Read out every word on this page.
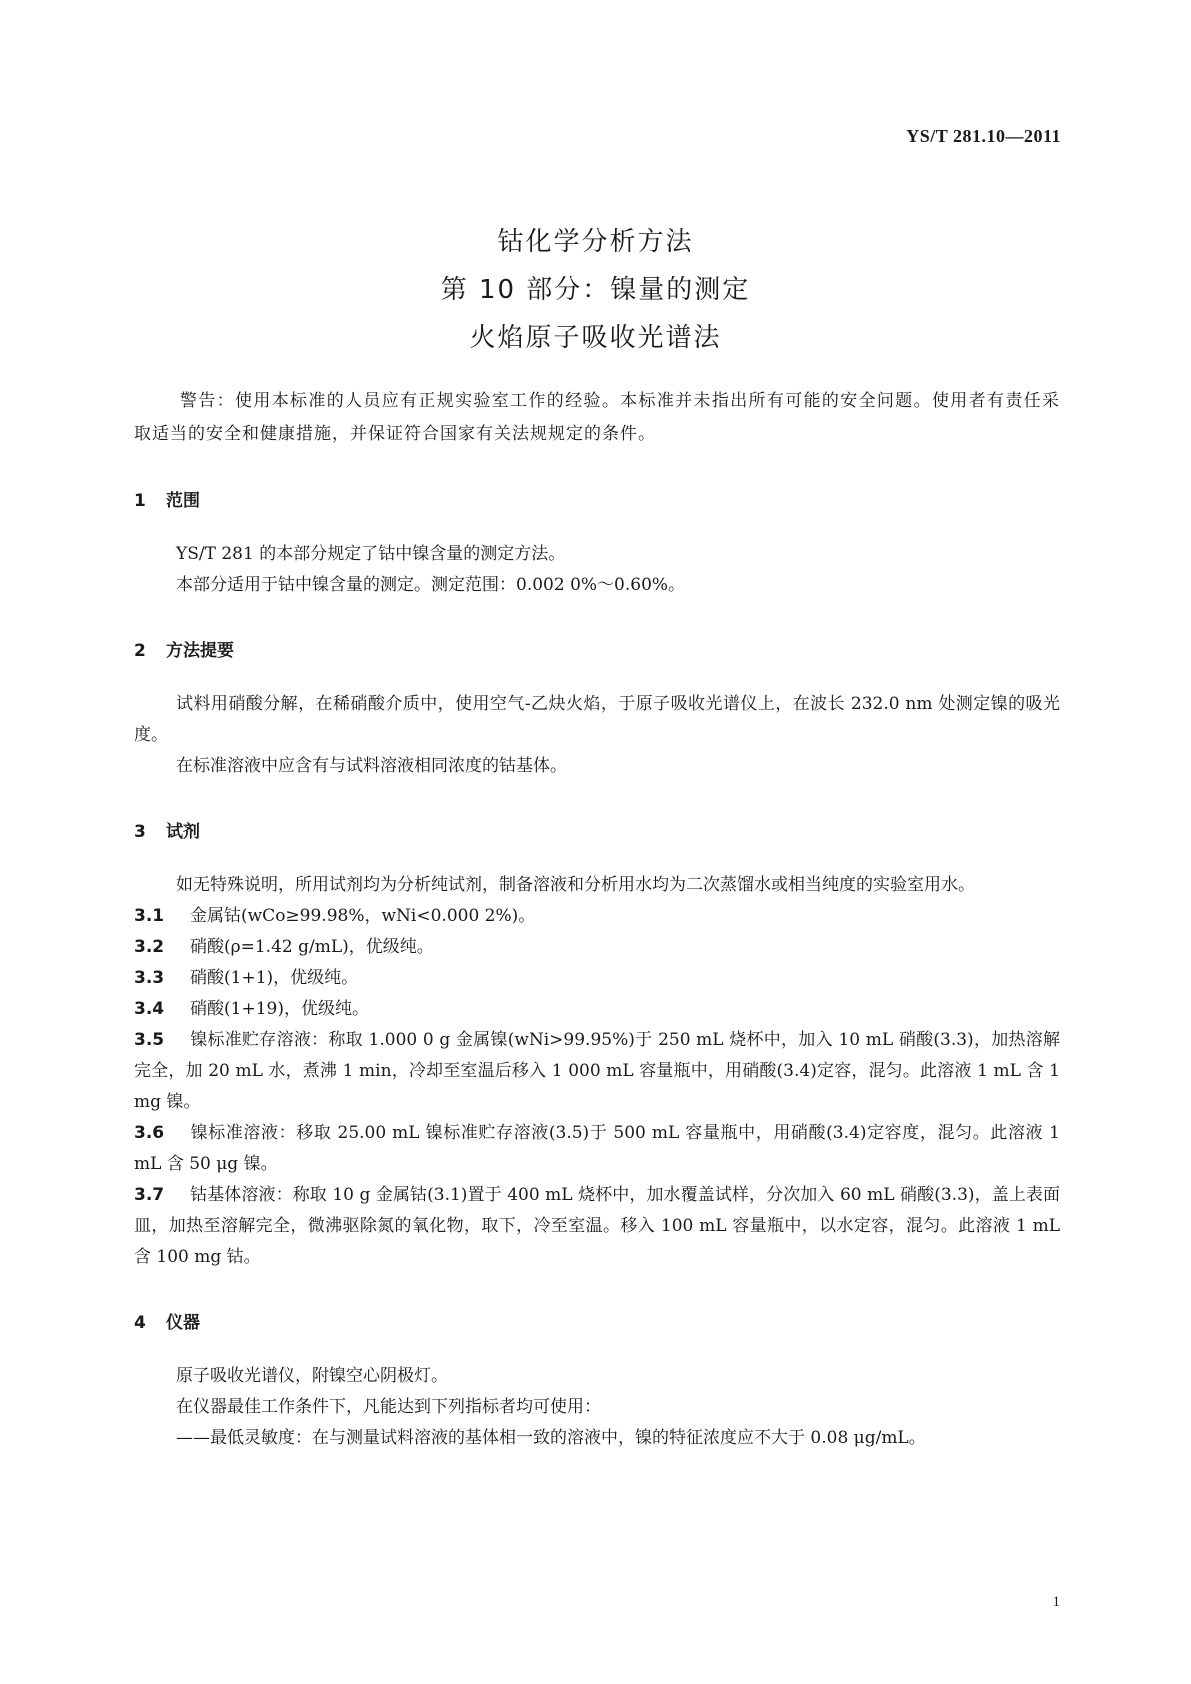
YS/T 281.10—2011
钴化学分析方法
第 10 部分：镍量的测定
火焰原子吸收光谱法

警告：使用本标准的人员应有正规实验室工作的经验。本标准并未指出所有可能的安全问题。使用者有责任采取适当的安全和健康措施，并保证符合国家有关法规规定的条件。

1 范围

YS/T 281 的本部分规定了钴中镍含量的测定方法。

本部分适用于钴中镍含量的测定。测定范围：0.002 0%～0.60%。

2 方法提要

试料用硝酸分解，在稀硝酸介质中，使用空气-乙炔火焰，于原子吸收光谱仪上，在波长 232.0 nm 处测定镍的吸光度。

在标准溶液中应含有与试料溶液相同浓度的钴基体。

3 试剂

如无特殊说明，所用试剂均为分析纯试剂，制备溶液和分析用水均为二次蒸馏水或相当纯度的实验室用水。

3.1 金属钴(wCo≥99.98%，wNi<0.000 2%)。

3.2 硝酸(ρ=1.42 g/mL)，优级纯。

3.3 硝酸(1+1)，优级纯。

3.4 硝酸(1+19)，优级纯。

3.5 镍标准贮存溶液：称取 1.000 0 g 金属镍(wNi>99.95%)于 250 mL 烧杯中，加入 10 mL 硝酸(3.3)，加热溶解完全，加 20 mL 水，煮沸 1 min，冷却至室温后移入 1 000 mL 容量瓶中，用硝酸(3.4)定容，混匀。此溶液 1 mL 含 1 mg 镍。

3.6 镍标准溶液：移取 25.00 mL 镍标准贮存溶液(3.5)于 500 mL 容量瓶中，用硝酸(3.4)定容度，混匀。此溶液 1 mL 含 50 μg 镍。

3.7 钴基体溶液：称取 10 g 金属钴(3.1)置于 400 mL 烧杯中，加水覆盖试样，分次加入 60 mL 硝酸(3.3)，盖上表面皿，加热至溶解完全，微沸驱除氮的氧化物，取下，冷至室温。移入 100 mL 容量瓶中，以水定容，混匀。此溶液 1 mL 含 100 mg 钴。

4 仪器

原子吸收光谱仪，附镍空心阴极灯。

在仪器最佳工作条件下，凡能达到下列指标者均可使用：

——最低灵敏度：在与测量试料溶液的基体相一致的溶液中，镍的特征浓度应不大于 0.08 μg/mL。

1
